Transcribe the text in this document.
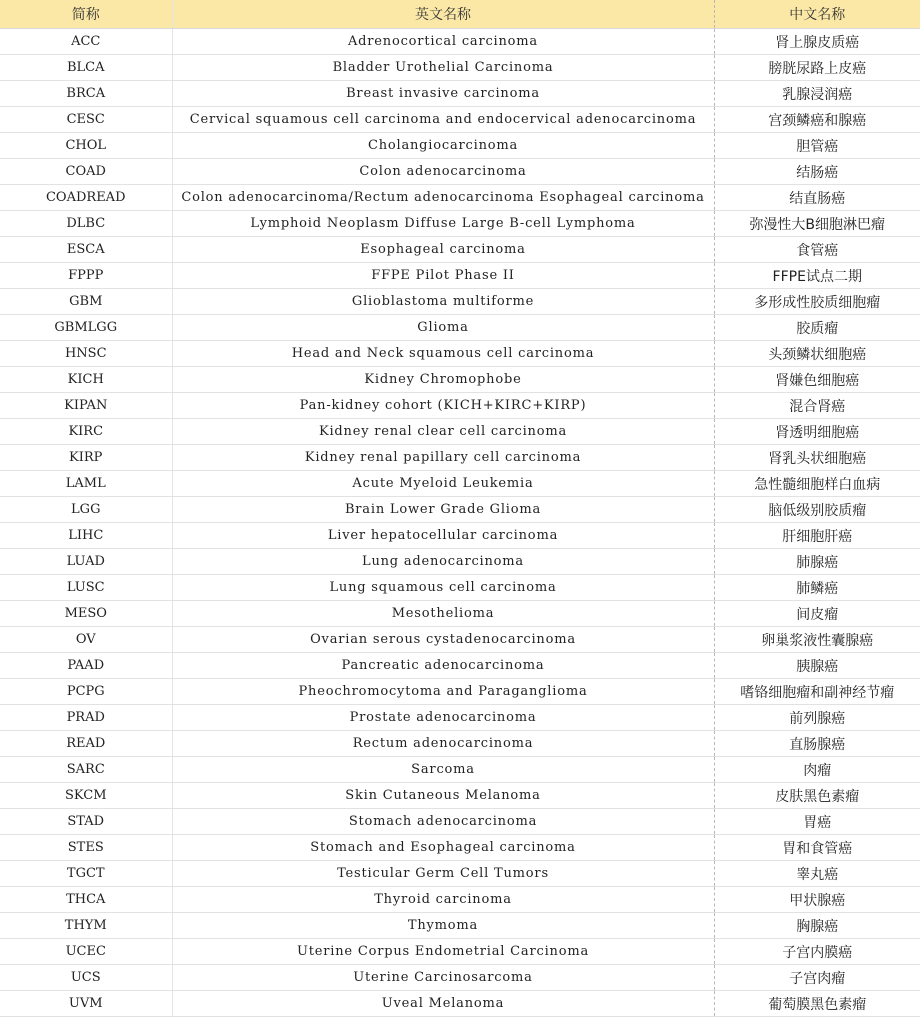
简称	英文名称	中文名称
ACC	Adrenocortical carcinoma	肾上腺皮质癌
BLCA	Bladder Urothelial Carcinoma	膀胱尿路上皮癌
BRCA	Breast invasive carcinoma	乳腺浸润癌
CESC	Cervical squamous cell carcinoma and endocervical adenocarcinoma	宫颈鳞癌和腺癌
CHOL	Cholangiocarcinoma	胆管癌
COAD	Colon adenocarcinoma	结肠癌
COADREAD	Colon adenocarcinoma/Rectum adenocarcinoma Esophageal carcinoma	结直肠癌
DLBC	Lymphoid Neoplasm Diffuse Large B-cell Lymphoma	弥漫性大B细胞淋巴瘤
ESCA	Esophageal carcinoma	食管癌
FPPP	FFPE Pilot Phase II	FFPE试点二期
GBM	Glioblastoma multiforme	多形成性胶质细胞瘤
GBMLGG	Glioma	胶质瘤
HNSC	Head and Neck squamous cell carcinoma	头颈鳞状细胞癌
KICH	Kidney Chromophobe	肾嫌色细胞癌
KIPAN	Pan-kidney cohort (KICH+KIRC+KIRP)	混合肾癌
KIRC	Kidney renal clear cell carcinoma	肾透明细胞癌
KIRP	Kidney renal papillary cell carcinoma	肾乳头状细胞癌
LAML	Acute Myeloid Leukemia	急性髓细胞样白血病
LGG	Brain Lower Grade Glioma	脑低级别胶质瘤
LIHC	Liver hepatocellular carcinoma	肝细胞肝癌
LUAD	Lung adenocarcinoma	肺腺癌
LUSC	Lung squamous cell carcinoma	肺鳞癌
MESO	Mesothelioma	间皮瘤
OV	Ovarian serous cystadenocarcinoma	卵巢浆液性囊腺癌
PAAD	Pancreatic adenocarcinoma	胰腺癌
PCPG	Pheochromocytoma and Paraganglioma	嗜铬细胞瘤和副神经节瘤
PRAD	Prostate adenocarcinoma	前列腺癌
READ	Rectum adenocarcinoma	直肠腺癌
SARC	Sarcoma	肉瘤
SKCM	Skin Cutaneous Melanoma	皮肤黑色素瘤
STAD	Stomach adenocarcinoma	胃癌
STES	Stomach and Esophageal carcinoma	胃和食管癌
TGCT	Testicular Germ Cell Tumors	睾丸癌
THCA	Thyroid carcinoma	甲状腺癌
THYM	Thymoma	胸腺癌
UCEC	Uterine Corpus Endometrial Carcinoma	子宫内膜癌
UCS	Uterine Carcinosarcoma	子宫肉瘤
UVM	Uveal Melanoma	葡萄膜黑色素瘤
